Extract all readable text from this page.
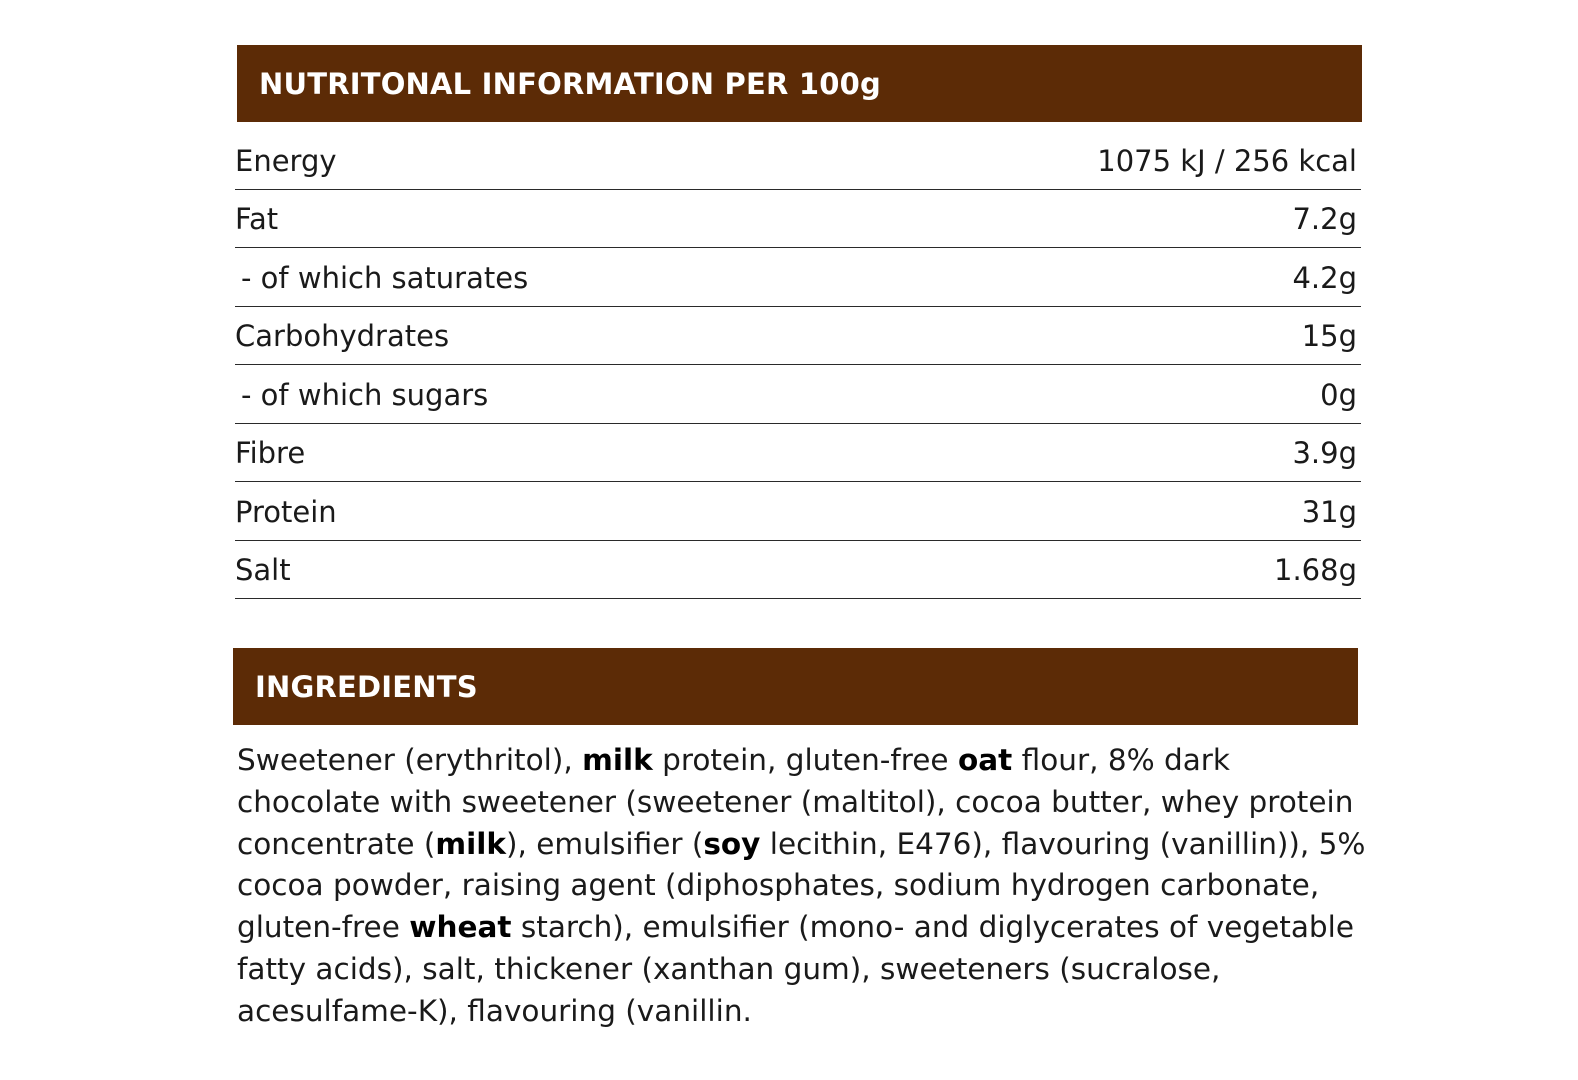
NUTRITONAL INFORMATION PER 100g
Energy	1075 kJ / 256 kcal
Fat	7.2g
- of which saturates	4.2g
Carbohydrates	15g
- of which sugars	0g
Fibre	3.9g
Protein	31g
Salt	1.68g
INGREDIENTS
Sweetener (erythritol), milk protein, gluten-free oat flour, 8% dark chocolate with sweetener (sweetener (maltitol), cocoa butter, whey protein concentrate (milk), emulsifier (soy lecithin, E476), flavouring (vanillin)), 5% cocoa powder, raising agent (diphosphates, sodium hydrogen carbonate, gluten-free wheat starch), emulsifier (mono- and diglycerates of vegetable fatty acids), salt, thickener (xanthan gum), sweeteners (sucralose, acesulfame-K), flavouring (vanillin.
